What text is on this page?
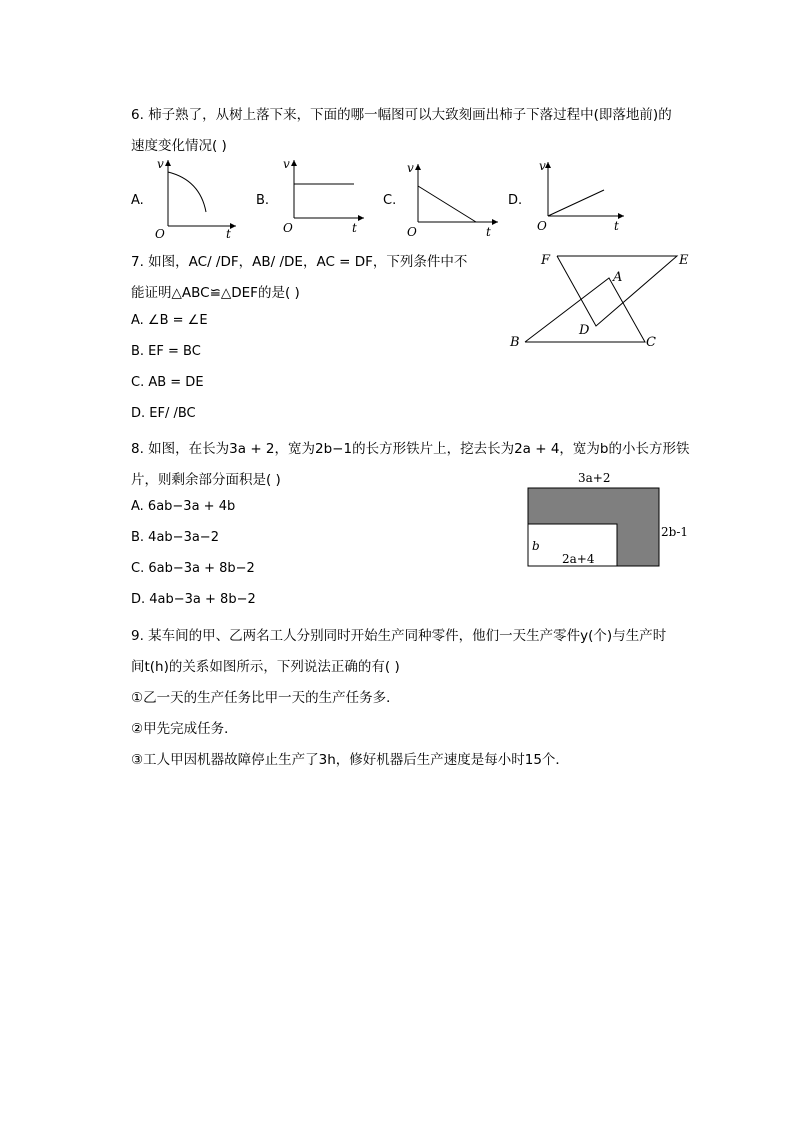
6. 柿子熟了，从树上落下来，下面的哪一幅图可以大致刻画出柿子下落过程中(即落地前)的
速度变化情况( )
A.
v
O	t
B.
v
O	t
C.
v
O	t
D.
v
O	t
7. 如图，AC/ /DF，AB/ /DE，AC = DF，下列条件中不
能证明△ABC≌△DEF的是( )
A. ∠B = ∠E
B. EF = BC
C. AB = DE
D. EF/ /BC
F	E
A
D
B	C
8. 如图，在长为3a + 2，宽为2b−1的长方形铁片上，挖去长为2a + 4，宽为b的小长方形铁
片，则剩余部分面积是( )
A. 6ab−3a + 4b
B. 4ab−3a−2
C. 6ab−3a + 8b−2
D. 4ab−3a + 8b−2
3a+2
2b-1
b
2a+4
9. 某车间的甲、乙两名工人分别同时开始生产同种零件，他们一天生产零件y(个)与生产时
间t(h)的关系如图所示，下列说法正确的有( )
①乙一天的生产任务比甲一天的生产任务多．
②甲先完成任务．
③工人甲因机器故障停止生产了3h，修好机器后生产速度是每小时15个．
